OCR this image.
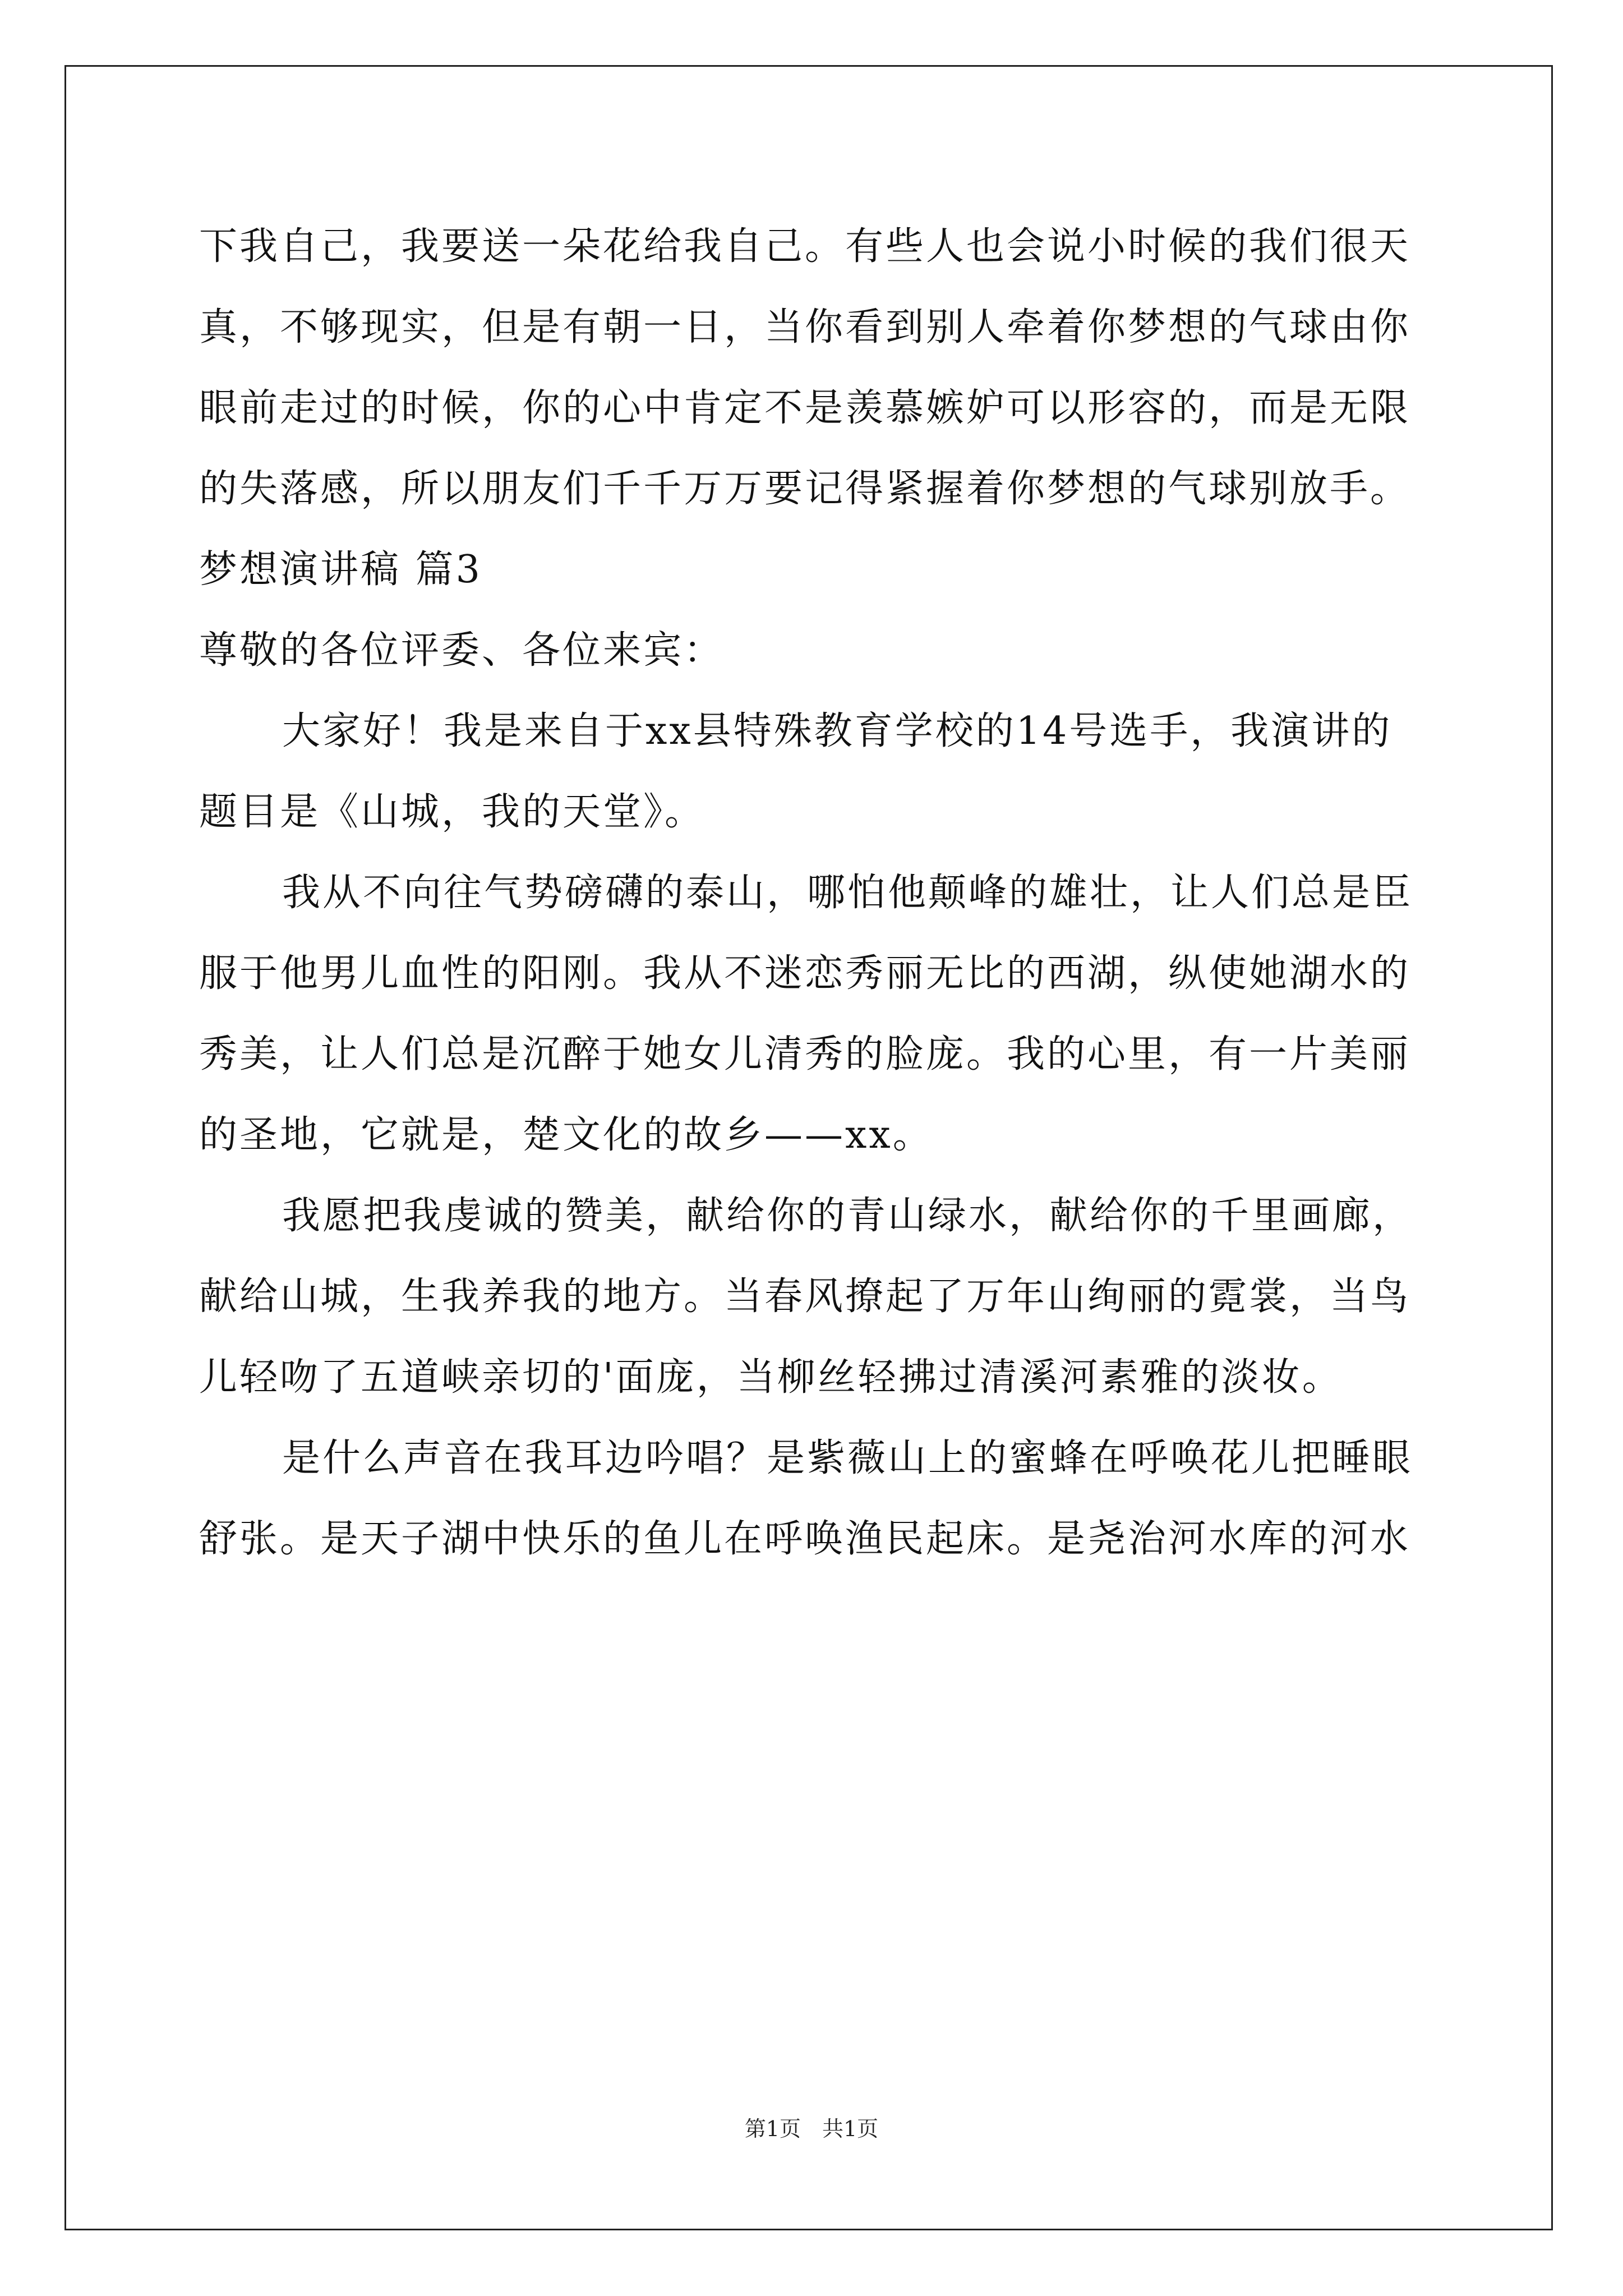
下我自己，我要送一朵花给我自己。有些人也会说小时候的我们很天
真，不够现实，但是有朝一日，当你看到别人牵着你梦想的气球由你
眼前走过的时候，你的心中肯定不是羡慕嫉妒可以形容的，而是无限
的失落感，所以朋友们千千万万要记得紧握着你梦想的气球别放手。
梦想演讲稿 篇3
尊敬的各位评委、各位来宾：
大家好！我是来自于xx县特殊教育学校的14号选手，我演讲的
题目是《山城，我的天堂》。
我从不向往气势磅礴的泰山，哪怕他颠峰的雄壮，让人们总是臣
服于他男儿血性的阳刚。我从不迷恋秀丽无比的西湖，纵使她湖水的
秀美，让人们总是沉醉于她女儿清秀的脸庞。我的心里，有一片美丽
的圣地，它就是，楚文化的故乡——xx。
我愿把我虔诚的赞美，献给你的青山绿水，献给你的千里画廊，
献给山城，生我养我的地方。当春风撩起了万年山绚丽的霓裳，当鸟
儿轻吻了五道峡亲切的'面庞，当柳丝轻拂过清溪河素雅的淡妆。
是什么声音在我耳边吟唱？是紫薇山上的蜜蜂在呼唤花儿把睡眼
舒张。是天子湖中快乐的鱼儿在呼唤渔民起床。是尧治河水库的河水
第1页　共1页
